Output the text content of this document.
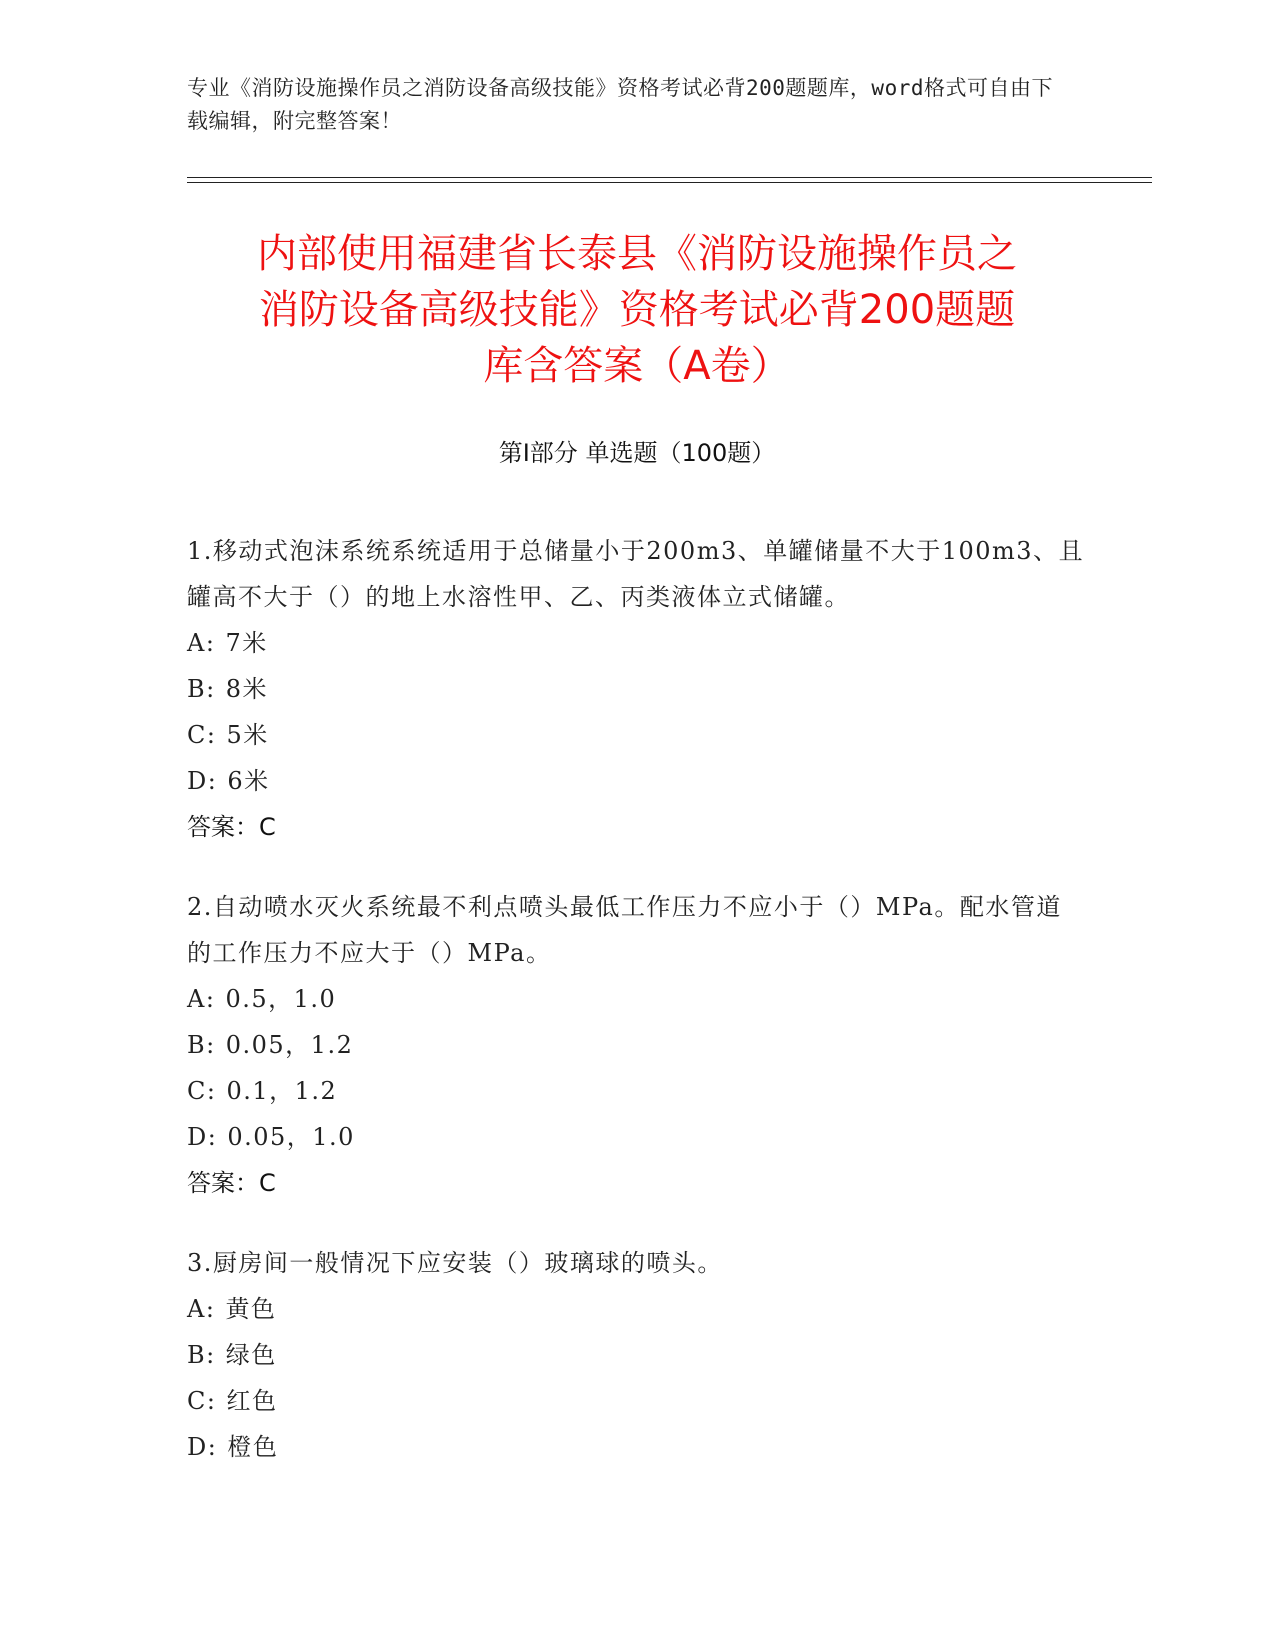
专业《消防设施操作员之消防设备高级技能》资格考试必背200题题库，word格式可自由下载编辑，附完整答案！
内部使用福建省长泰县《消防设施操作员之
消防设备高级技能》资格考试必背200题题
库含答案（A卷）
第I部分 单选题（100题）
1.移动式泡沫系统系统适用于总储量小于200m3、单罐储量不大于100m3、且罐高不大于（）的地上水溶性甲、乙、丙类液体立式储罐。
A: 7米
B: 8米
C: 5米
D: 6米
答案：C
2.自动喷水灭火系统最不利点喷头最低工作压力不应小于（）MPa。配水管道的工作压力不应大于（）MPa。
A: 0.5，1.0
B: 0.05，1.2
C: 0.1，1.2
D: 0.05，1.0
答案：C
3.厨房间一般情况下应安装（）玻璃球的喷头。
A: 黄色
B: 绿色
C: 红色
D: 橙色
